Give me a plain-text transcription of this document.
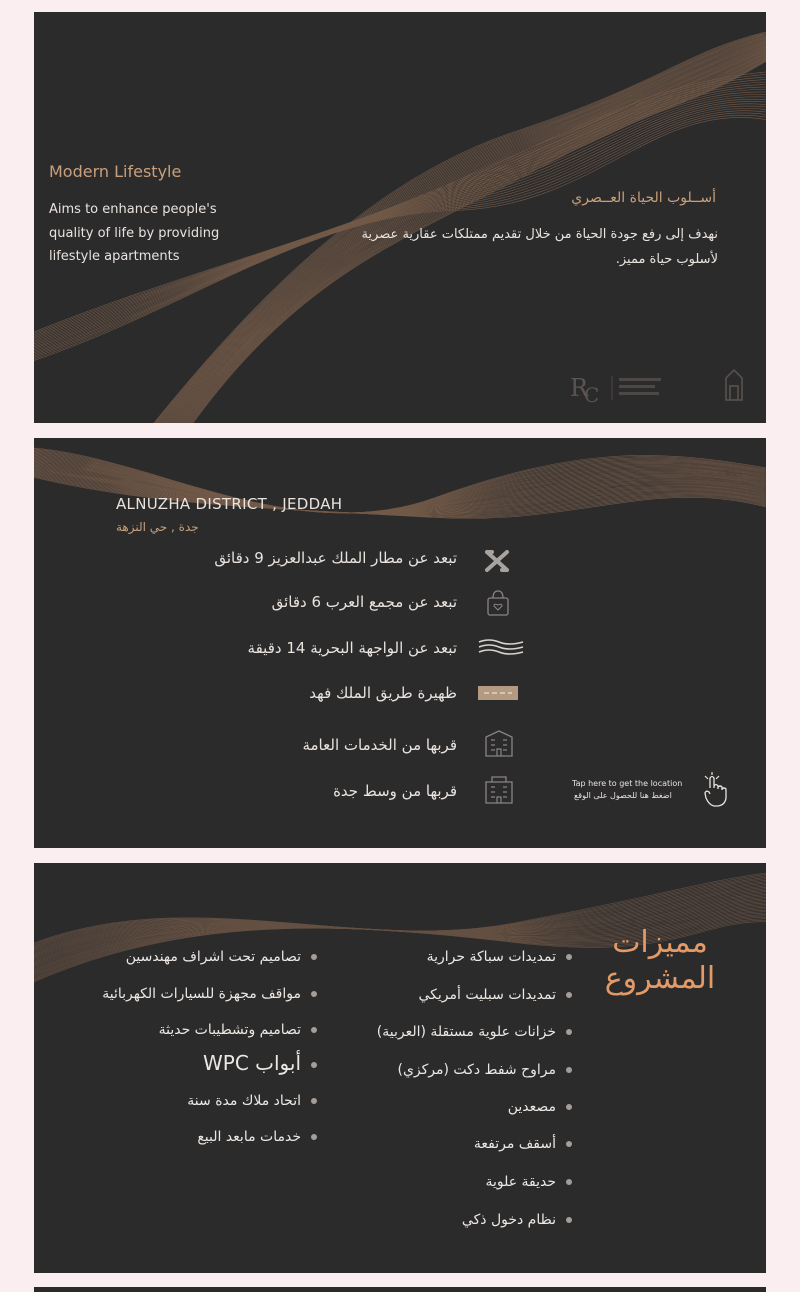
Modern Lifestyle
Aims to enhance people's quality of life by providing lifestyle apartments
أســلوب الحياة العــصري
نهدف إلى رفع جودة الحياة من خلال تقديم ممتلكات عقارية عصرية لأسلوب حياة مميز.
R
C
ALNUZHA DISTRICT , JEDDAH
جدة , حي النزهة
تبعد عن مطار الملك عبدالعزيز 9 دقائق
تبعد عن مجمع العرب 6 دقائق
تبعد عن الواجهة البحرية 14 دقيقة
ظهيرة طريق الملك فهد
قربها من الخدمات العامة
قربها من وسط جدة	Tap here to get the location
اضغط هنا للحصول على الوقع
مميزات المشروع
تمديدات سباكة حرارية
تمديدات سبليت أمريكي
خزانات علوية مستقلة (العربية)
مراوح شفط دكت (مركزي)
مصعدين
أسقف مرتفعة
حديقة علوية
نظام دخول ذكي
تصاميم تحت اشراف مهندسين
مواقف مجهزة للسيارات الكهربائية
تصاميم وتشطيبات حديثة
أبواب WPC
اتحاد ملاك مدة سنة
خدمات مابعد البيع
